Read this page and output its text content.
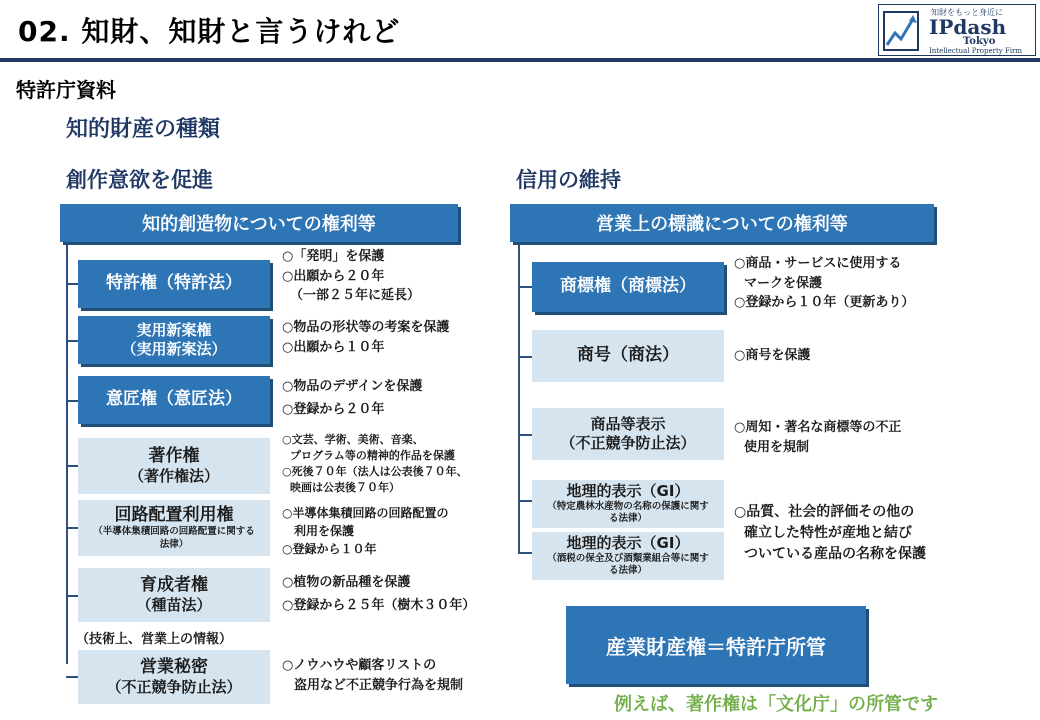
02. 知財、知財と言うけれど
知財をもっと身近に
IPdash
Tokyo
Intellectual Property Firm
特許庁資料
知的財産の種類
創作意欲を促進
知的創造物についての権利等
特許権（特許法）
○「発明」を保護
○出願から２０年
（一部２５年に延長）
実用新案権
（実用新案法）
○物品の形状等の考案を保護
○出願から１０年
意匠権（意匠法）
○物品のデザインを保護
○登録から２０年
著作権
（著作権法）
○文芸、学術、美術、音楽、
プログラム等の精神的作品を保護
○死後７０年（法人は公表後７０年、
映画は公表後７０年）
回路配置利用権
（半導体集積回路の回路配置に関する法律）
○半導体集積回路の回路配置の
利用を保護
○登録から１０年
育成者権
（種苗法）
○植物の新品種を保護
○登録から２５年（樹木３０年）
（技術上、営業上の情報）
営業秘密
（不正競争防止法）
○ノウハウや顧客リストの
盗用など不正競争行為を規制
信用の維持
営業上の標識についての権利等
商標権（商標法）
○商品・サービスに使用する
マークを保護
○登録から１０年（更新あり）
商号（商法）	○商号を保護
商品等表示
（不正競争防止法）
○周知・著名な商標等の不正
使用を規制
地理的表示（GI）
（特定農林水産物の名称の保護に関する法律）
地理的表示（GI）
（酒税の保全及び酒類業組合等に関する法律）
○品質、社会的評価その他の
確立した特性が産地と結び
ついている産品の名称を保護
産業財産権＝特許庁所管
例えば、著作権は「文化庁」の所管です
